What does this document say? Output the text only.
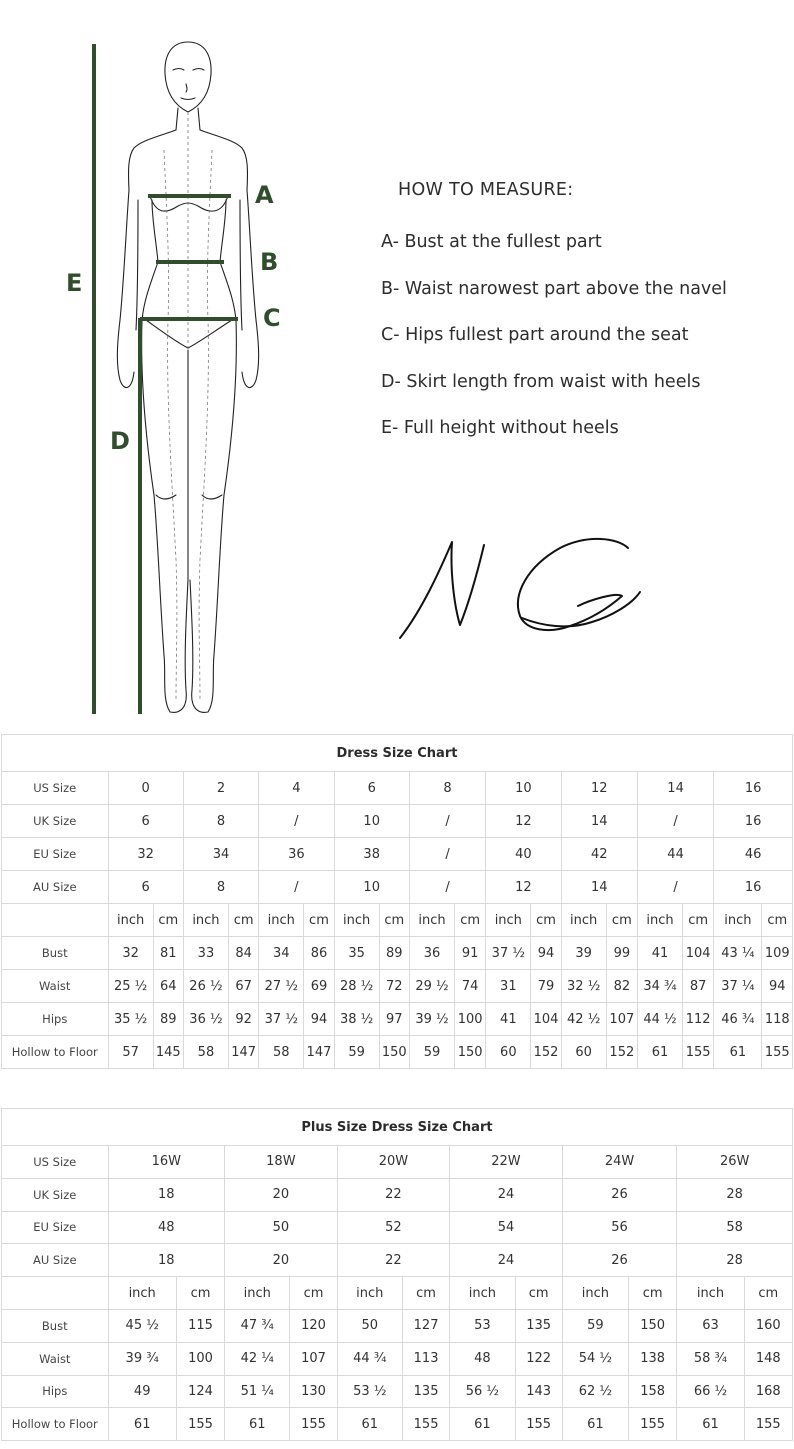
A
B
C
D
E
HOW TO MEASURE:
A- Bust at the fullest part
B- Waist narowest part above the navel
C- Hips fullest part around the seat
D- Skirt length from waist with heels
E- Full height without heels
Dress Size Chart																		
US Size	0		2		4		6		8		10		12		14		16	
UK Size	6		8		/		10		/		12		14		/		16	
EU Size	32		34		36		38		/		40		42		44		46	
AU Size	6		8		/		10		/		12		14		/		16	
	inch	cm	inch	cm	inch	cm	inch	cm	inch	cm	inch	cm	inch	cm	inch	cm	inch	cm
Bust	32	81	33	84	34	86	35	89	36	91	37 ½	94	39	99	41	104	43 ¼	109
Waist	25 ½	64	26 ½	67	27 ½	69	28 ½	72	29 ½	74	31	79	32 ½	82	34 ¾	87	37 ¼	94
Hips	35 ½	89	36 ½	92	37 ½	94	38 ½	97	39 ½	100	41	104	42 ½	107	44 ½	112	46 ¾	118
Hollow to Floor	57	145	58	147	58	147	59	150	59	150	60	152	60	152	61	155	61	155
Plus Size Dress Size Chart												
US Size	16W		18W		20W		22W		24W		26W	
UK Size	18		20		22		24		26		28	
EU Size	48		50		52		54		56		58	
AU Size	18		20		22		24		26		28	
	inch	cm	inch	cm	inch	cm	inch	cm	inch	cm	inch	cm
Bust	45 ½	115	47 ¾	120	50	127	53	135	59	150	63	160
Waist	39 ¾	100	42 ¼	107	44 ¾	113	48	122	54 ½	138	58 ¾	148
Hips	49	124	51 ¼	130	53 ½	135	56 ½	143	62 ½	158	66 ½	168
Hollow to Floor	61	155	61	155	61	155	61	155	61	155	61	155
